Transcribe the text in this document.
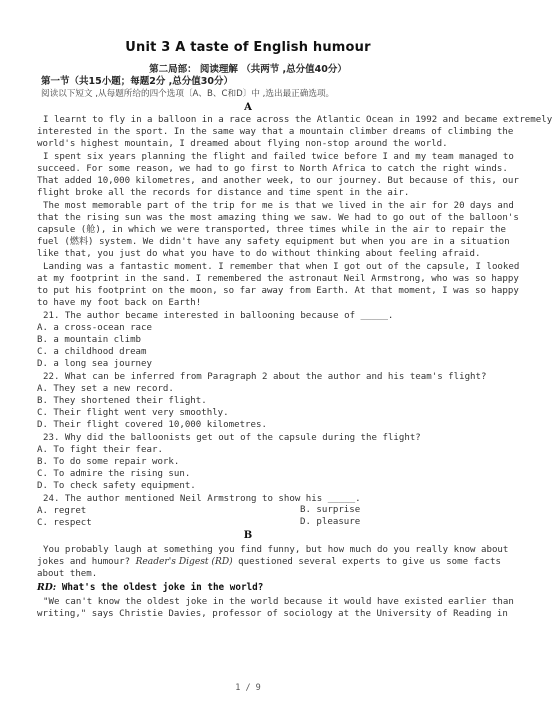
Unit 3 A taste of English humour
第二局部： 阅读理解 （共两节 ,总分值40分）
第一节（共15小题；每题2分 ,总分值30分）
阅读以下短文 ,从每题所给的四个选项〔A、B、C和D〕中 ,选出最正确选项。
A
I learnt to fly in a balloon in a race across the Atlantic Ocean in 1992 and became extremely
interested in the sport. In the same way that a mountain climber dreams of climbing the
world's highest mountain, I dreamed about flying non-stop around the world.
I spent six years planning the flight and failed twice before I and my team managed to
succeed. For some reason, we had to go first to North Africa to catch the right winds.
That added 10,000 kilometres, and another week, to our journey. But because of this, our
flight broke all the records for distance and time spent in the air.
The most memorable part of the trip for me is that we lived in the air for 20 days and
that the rising sun was the most amazing thing we saw. We had to go out of the balloon's
capsule (舱), in which we were transported, three times while in the air to repair the
fuel (燃料) system. We didn't have any safety equipment but when you are in a situation
like that, you just do what you have to do without thinking about feeling afraid.
Landing was a fantastic moment. I remember that when I got out of the capsule, I looked
at my footprint in the sand. I remembered the astronaut Neil Armstrong, who was so happy
to put his footprint on the moon, so far away from Earth. At that moment, I was so happy
to have my foot back on Earth!
21. The author became interested in ballooning because of _____.
A. a cross-ocean race
B. a mountain climb
C. a childhood dream
D. a long sea journey
22. What can be inferred from Paragraph 2 about the author and his team's flight?
A. They set a new record.
B. They shortened their flight.
C. Their flight went very smoothly.
D. Their flight covered 10,000 kilometres.
23. Why did the balloonists get out of the capsule during the flight?
A. To fight their fear.
B. To do some repair work.
C. To admire the rising sun.
D. To check safety equipment.
24. The author mentioned Neil Armstrong to show his _____.
A. regret	B. surprise
C. respect	D. pleasure
B
You probably laugh at something you find funny, but how much do you really know about
jokes and humour? Reader's Digest (RD) questioned several experts to give us some facts
about them.
RD: What's the oldest joke in the world?
"We can't know the oldest joke in the world because it would have existed earlier than
writing," says Christie Davies, professor of sociology at the University of Reading in
1 / 9
